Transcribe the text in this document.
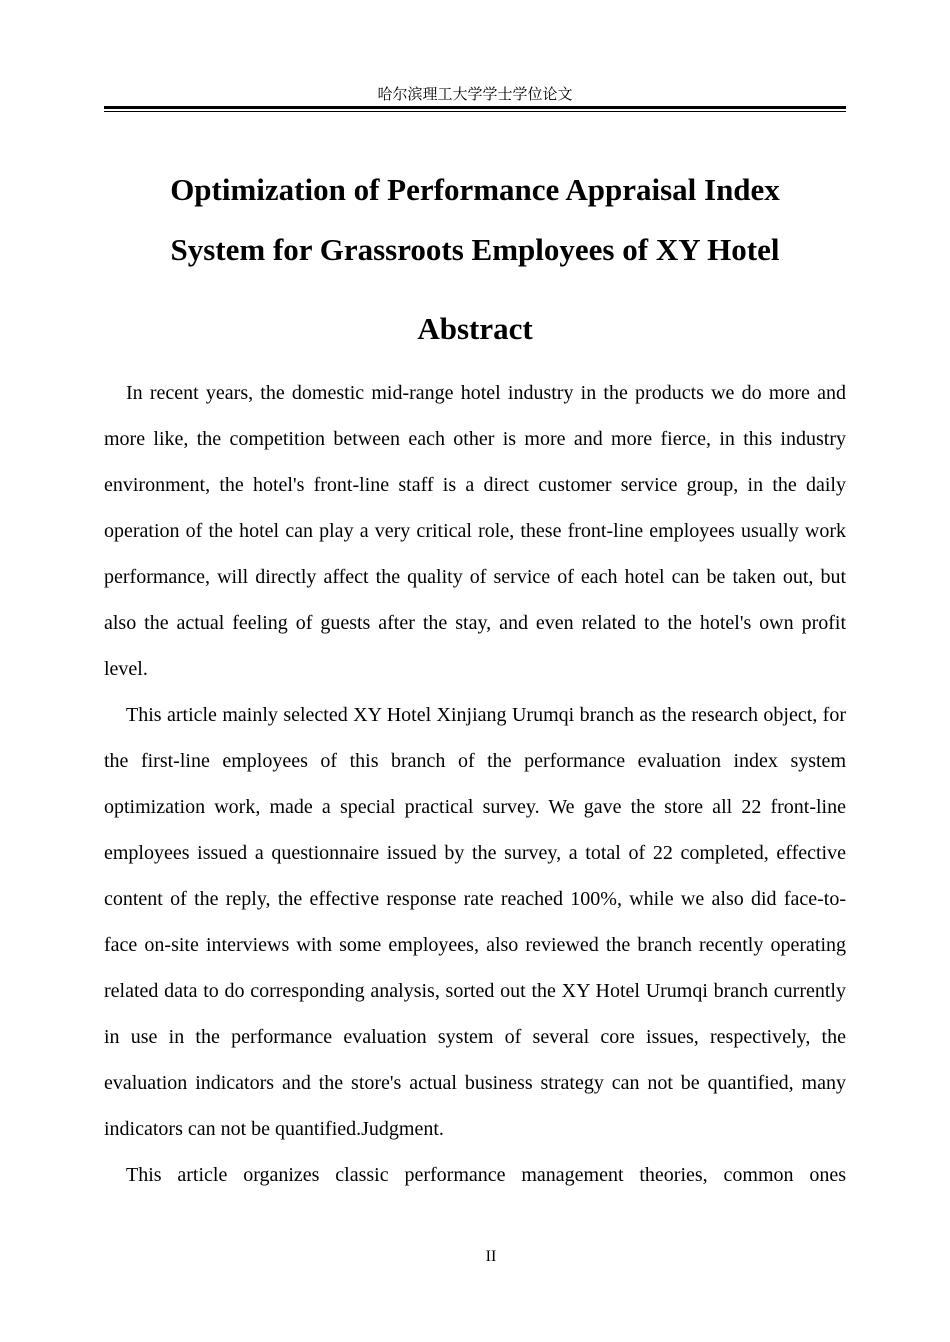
哈尔滨理工大学学士学位论文
Optimization of Performance Appraisal Index
System for Grassroots Employees of XY Hotel
Abstract

In recent years, the domestic mid-range hotel industry in the products we do more and more like, the competition between each other is more and more fierce, in this industry environment, the hotel's front-line staff is a direct customer service group, in the daily operation of the hotel can play a very critical role, these front-line employees usually work performance, will directly affect the quality of service of each hotel can be taken out, but also the actual feeling of guests after the stay, and even related to the hotel's own profit level.

This article mainly selected XY Hotel Xinjiang Urumqi branch as the research object, for the first-line employees of this branch of the performance evaluation index system optimization work, made a special practical survey. We gave the store all 22 front-line employees issued a questionnaire issued by the survey, a total of 22 completed, effective content of the reply, the effective response rate reached 100%, while we also did face-to-face on-site interviews with some employees, also reviewed the branch recently operating related data to do corresponding analysis, sorted out the XY Hotel Urumqi branch currently in use in the performance evaluation system of several core issues, respectively, the evaluation indicators and the store's actual business strategy can not be quantified, many indicators can not be quantified.Judgment.

This article organizes classic performance management theories, common ones

II
